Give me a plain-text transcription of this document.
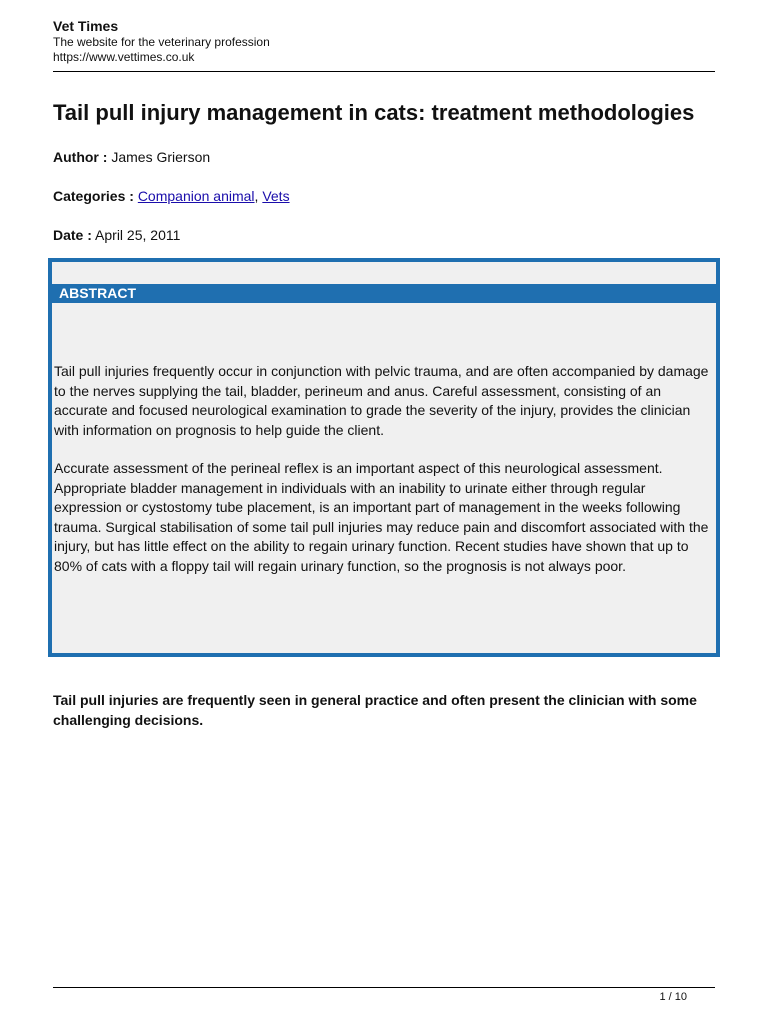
Vet Times
The website for the veterinary profession
https://www.vettimes.co.uk
Tail pull injury management in cats: treatment methodologies
Author : James Grierson
Categories : Companion animal, Vets
Date : April 25, 2011
ABSTRACT

Tail pull injuries frequently occur in conjunction with pelvic trauma, and are often accompanied by damage to the nerves supplying the tail, bladder, perineum and anus. Careful assessment, consisting of an accurate and focused neurological examination to grade the severity of the injury, provides the clinician with information on prognosis to help guide the client.

Accurate assessment of the perineal reflex is an important aspect of this neurological assessment. Appropriate bladder management in individuals with an inability to urinate either through regular expression or cystostomy tube placement, is an important part of management in the weeks following trauma. Surgical stabilisation of some tail pull injuries may reduce pain and discomfort associated with the injury, but has little effect on the ability to regain urinary function. Recent studies have shown that up to 80% of cats with a floppy tail will regain urinary function, so the prognosis is not always poor.

Tail pull injuries are frequently seen in general practice and often present the clinician with some challenging decisions.

1 / 10
